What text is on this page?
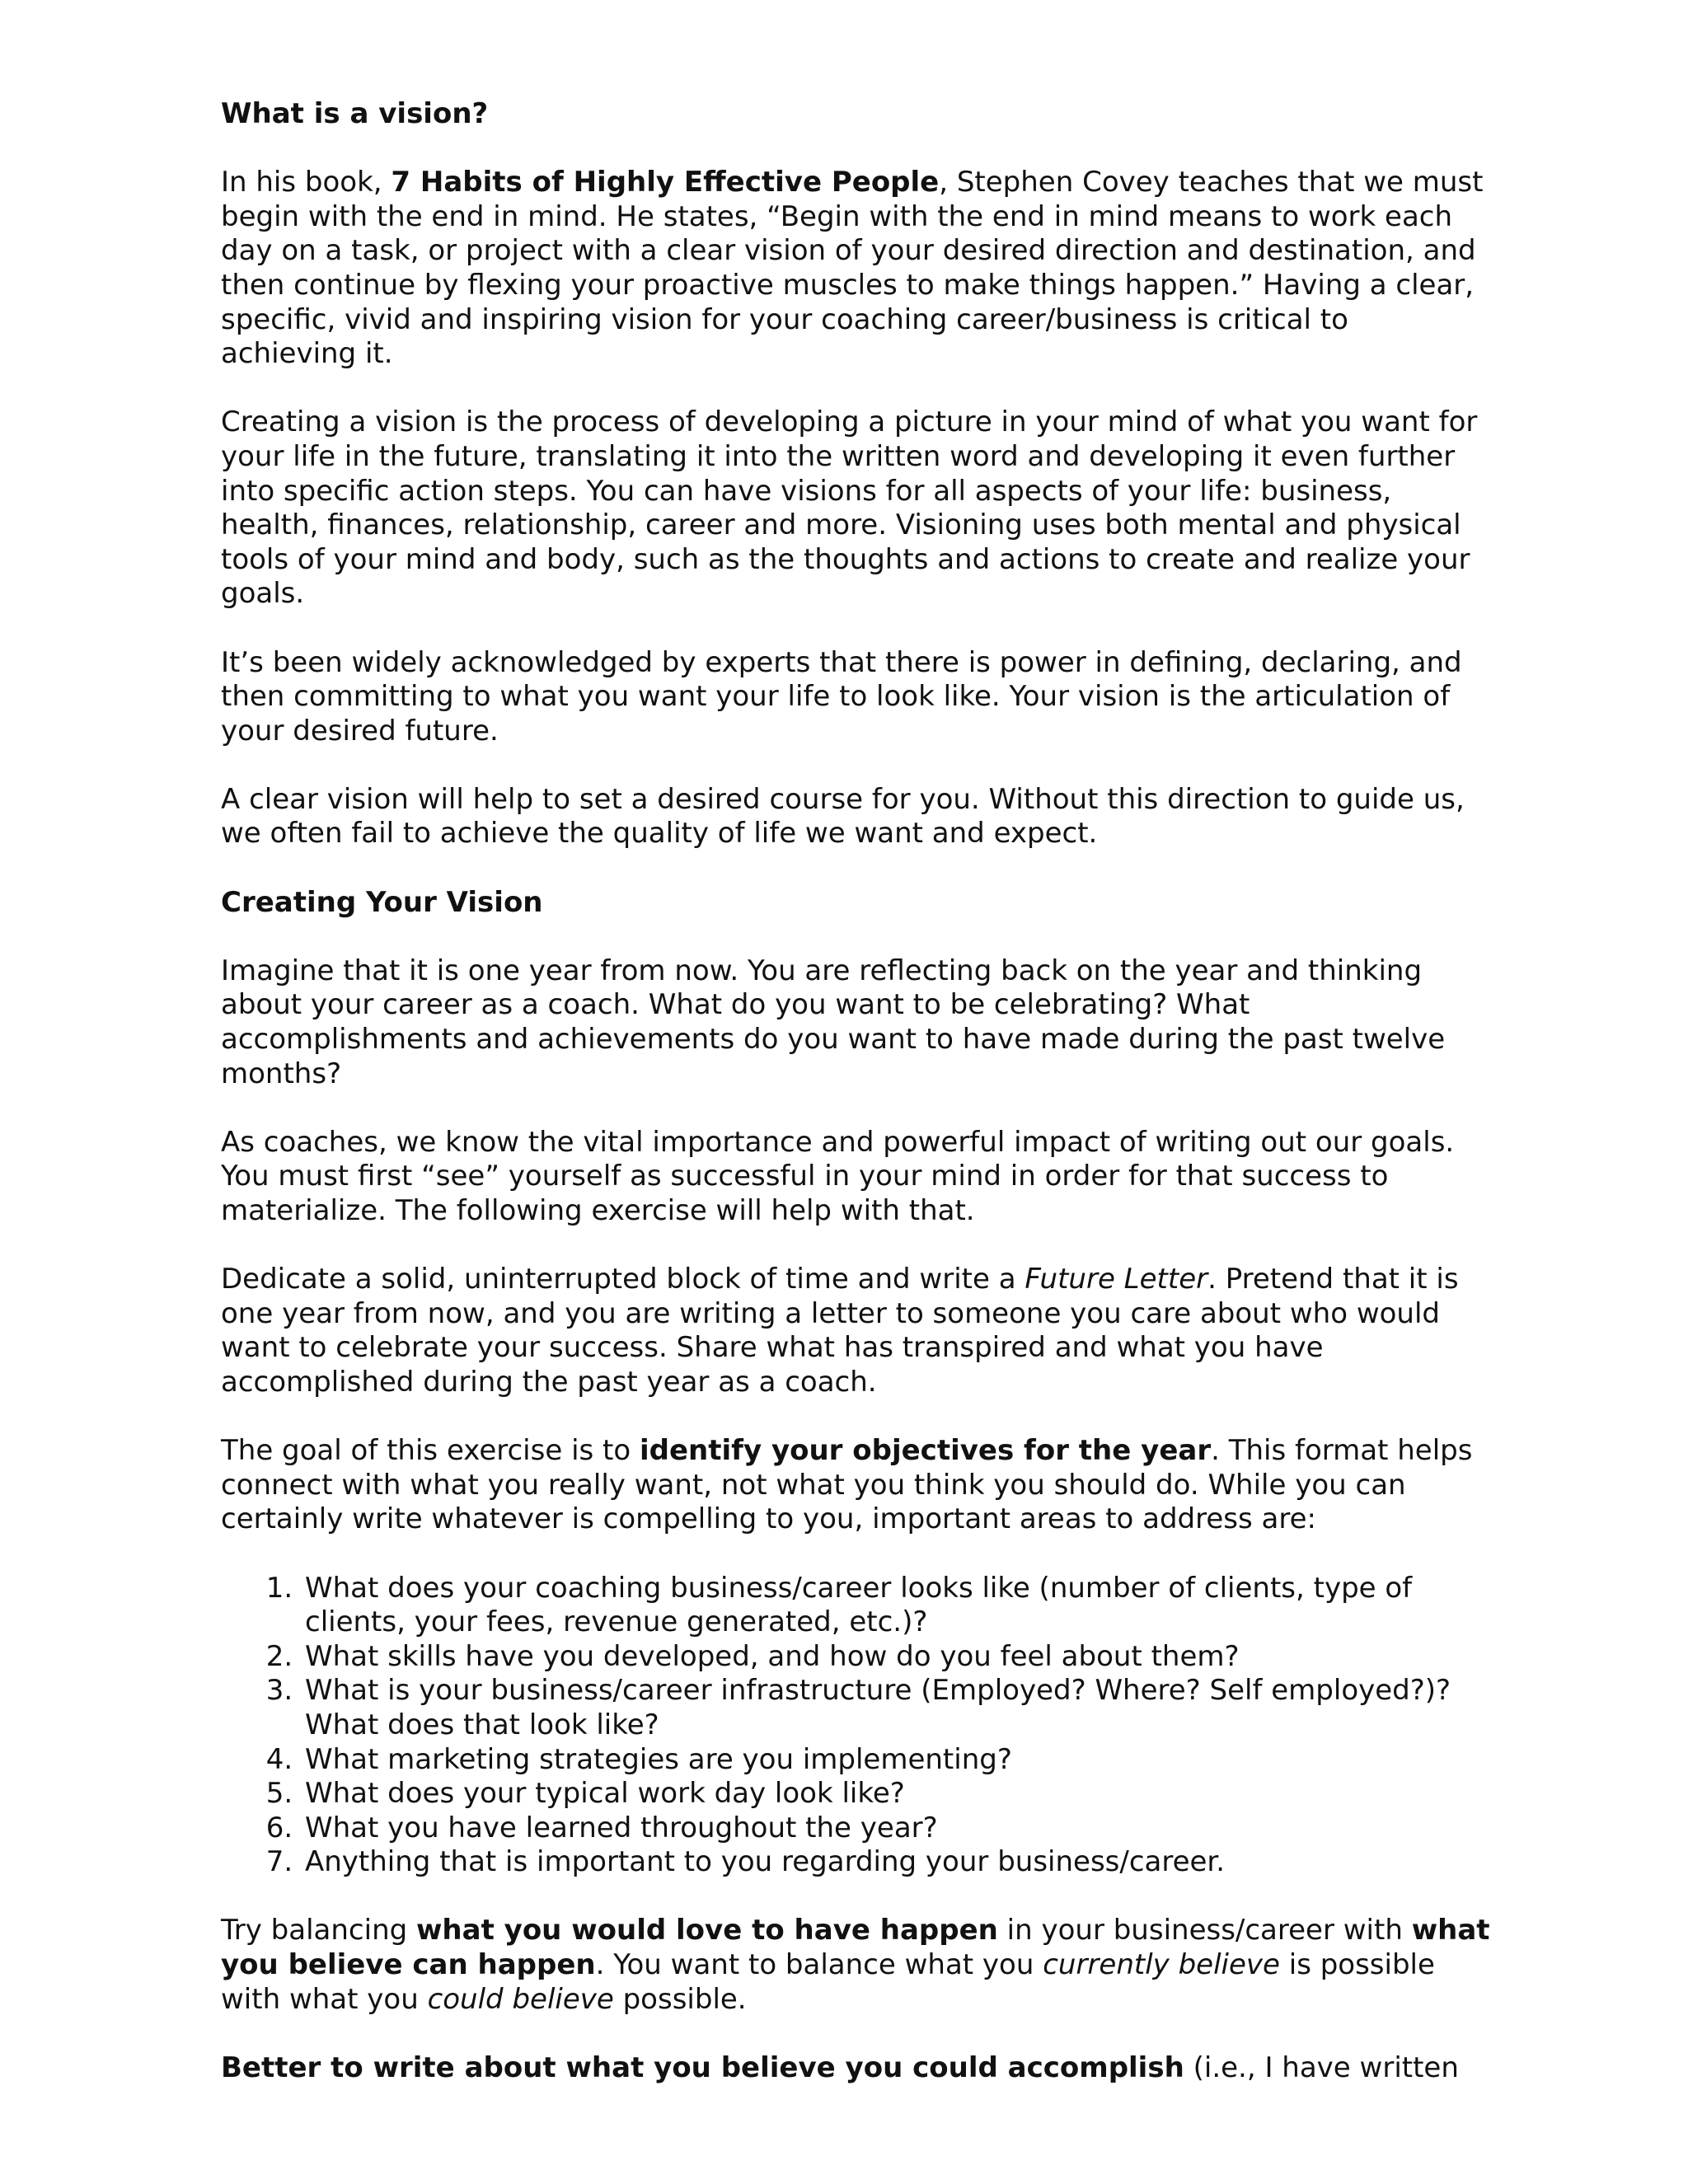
What is a vision?

In his book, 7 Habits of Highly Effective People, Stephen Covey teaches that we must begin with the end in mind. He states, “Begin with the end in mind means to work each day on a task, or project with a clear vision of your desired direction and destination, and then continue by flexing your proactive muscles to make things happen.” Having a clear, specific, vivid and inspiring vision for your coaching career/business is critical to achieving it.

Creating a vision is the process of developing a picture in your mind of what you want for your life in the future, translating it into the written word and developing it even further into specific action steps. You can have visions for all aspects of your life: business, health, finances, relationship, career and more. Visioning uses both mental and physical tools of your mind and body, such as the thoughts and actions to create and realize your goals.

It’s been widely acknowledged by experts that there is power in defining, declaring, and then committing to what you want your life to look like. Your vision is the articulation of your desired future.

A clear vision will help to set a desired course for you. Without this direction to guide us, we often fail to achieve the quality of life we want and expect.

Creating Your Vision

Imagine that it is one year from now. You are reflecting back on the year and thinking about your career as a coach. What do you want to be celebrating? What accomplishments and achievements do you want to have made during the past twelve months?

As coaches, we know the vital importance and powerful impact of writing out our goals. You must first “see” yourself as successful in your mind in order for that success to materialize. The following exercise will help with that.

Dedicate a solid, uninterrupted block of time and write a Future Letter. Pretend that it is one year from now, and you are writing a letter to someone you care about who would want to celebrate your success. Share what has transpired and what you have accomplished during the past year as a coach.

The goal of this exercise is to identify your objectives for the year. This format helps connect with what you really want, not what you think you should do. While you can certainly write whatever is compelling to you, important areas to address are:

1. What does your coaching business/career looks like (number of clients, type of clients, your fees, revenue generated, etc.)?
2. What skills have you developed, and how do you feel about them?
3. What is your business/career infrastructure (Employed? Where? Self employed?)? What does that look like?
4. What marketing strategies are you implementing?
5. What does your typical work day look like?
6. What you have learned throughout the year?
7. Anything that is important to you regarding your business/career.

Try balancing what you would love to have happen in your business/career with what you believe can happen. You want to balance what you currently believe is possible with what you could believe possible.

Better to write about what you believe you could accomplish (i.e., I have written
